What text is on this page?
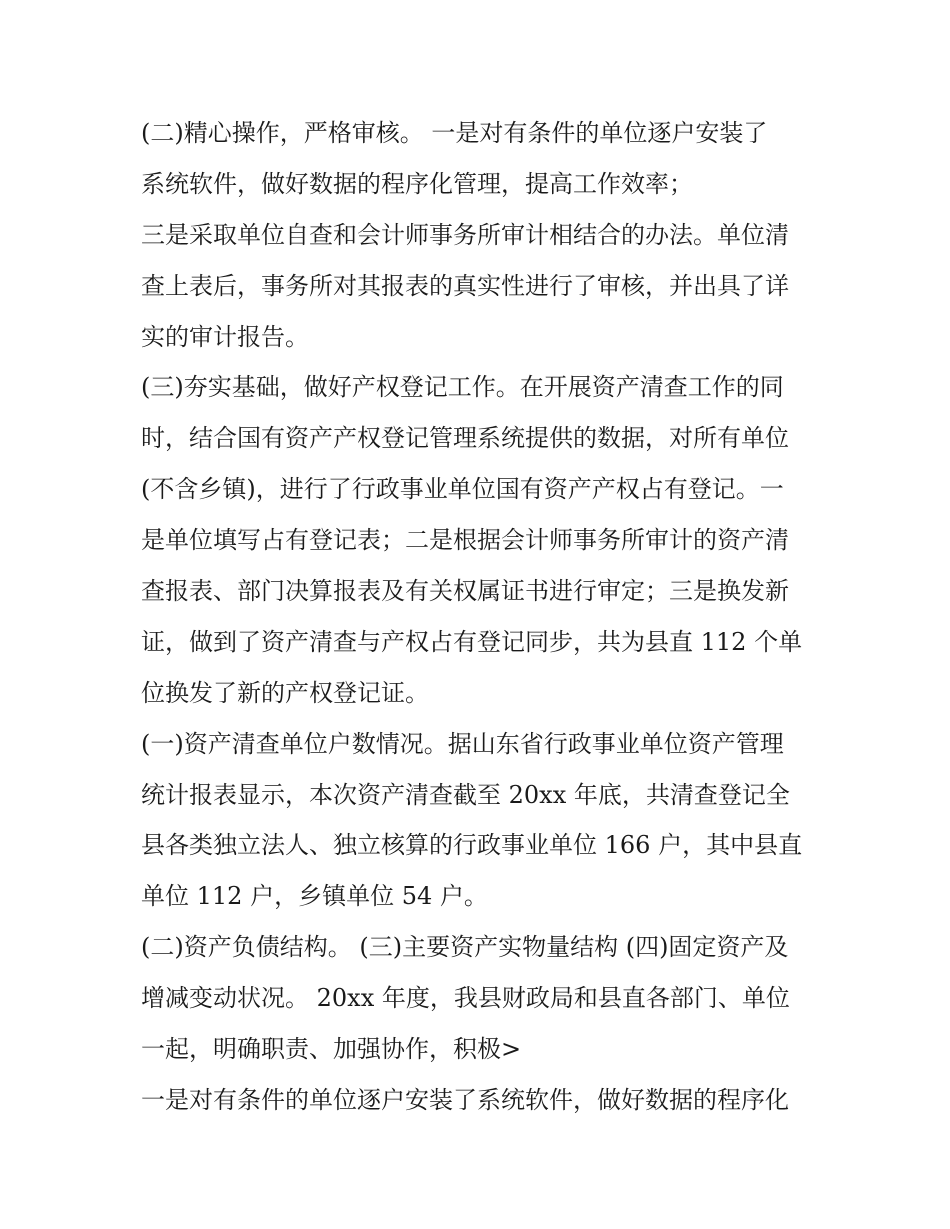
(二)精心操作，严格审核。 一是对有条件的单位逐户安装了
系统软件，做好数据的程序化管理，提高工作效率；
三是采取单位自查和会计师事务所审计相结合的办法。单位清
查上表后，事务所对其报表的真实性进行了审核，并出具了详
实的审计报告。
(三)夯实基础，做好产权登记工作。在开展资产清查工作的同
时，结合国有资产产权登记管理系统提供的数据，对所有单位
(不含乡镇)，进行了行政事业单位国有资产产权占有登记。一
是单位填写占有登记表；二是根据会计师事务所审计的资产清
查报表、部门决算报表及有关权属证书进行审定；三是换发新
证，做到了资产清查与产权占有登记同步，共为县直 112 个单
位换发了新的产权登记证。
(一)资产清查单位户数情况。据山东省行政事业单位资产管理
统计报表显示，本次资产清查截至 20xx 年底，共清查登记全
县各类独立法人、独立核算的行政事业单位 166 户，其中县直
单位 112 户，乡镇单位 54 户。
(二)资产负债结构。 (三)主要资产实物量结构 (四)固定资产及
增减变动状况。 20xx 年度，我县财政局和县直各部门、单位
一起，明确职责、加强协作，积极>
一是对有条件的单位逐户安装了系统软件，做好数据的程序化
